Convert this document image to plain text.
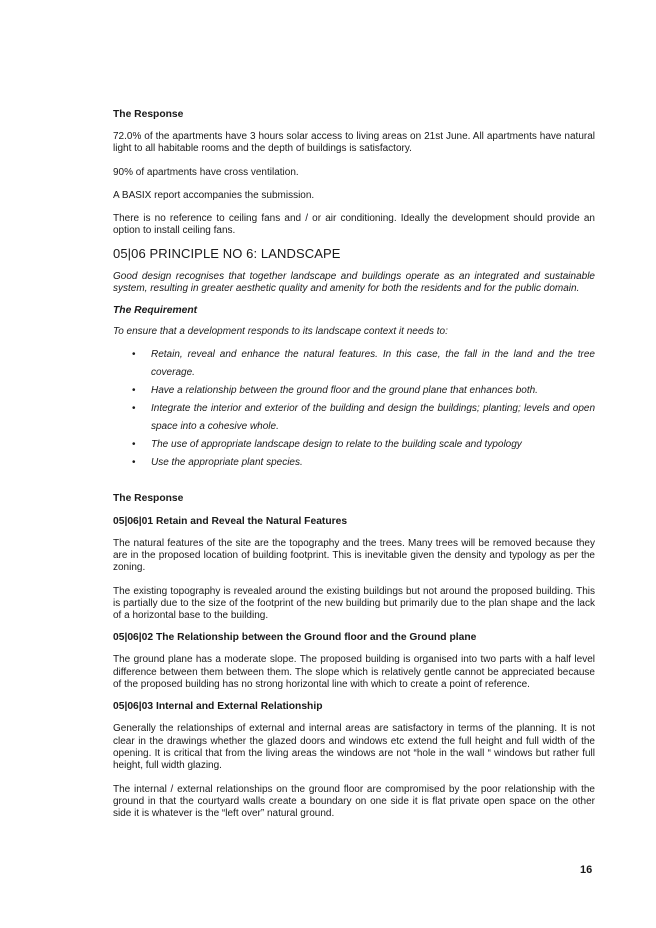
The Response

72.0% of the apartments have 3 hours solar access to living areas on 21st June. All apartments have natural light to all habitable rooms and the depth of buildings is satisfactory.

90% of apartments have cross ventilation.

A BASIX report accompanies the submission.

There is no reference to ceiling fans and / or air conditioning. Ideally the development should provide an option to install ceiling fans.

05|06 PRINCIPLE NO 6: LANDSCAPE

Good design recognises that together landscape and buildings operate as an integrated and sustainable system, resulting in greater aesthetic quality and amenity for both the residents and for the public domain.

The Requirement

To ensure that a development responds to its landscape context it needs to:

• Retain, reveal and enhance the natural features. In this case, the fall in the land and the tree coverage.
• Have a relationship between the ground floor and the ground plane that enhances both.
• Integrate the interior and exterior of the building and design the buildings; planting; levels and open space into a cohesive whole.
• The use of appropriate landscape design to relate to the building scale and typology
• Use the appropriate plant species.
The Response
05|06|01 Retain and Reveal the Natural Features

The natural features of the site are the topography and the trees. Many trees will be removed because they are in the proposed location of building footprint. This is inevitable given the density and typology as per the zoning.

The existing topography is revealed around the existing buildings but not around the proposed building. This is partially due to the size of the footprint of the new building but primarily due to the plan shape and the lack of a horizontal base to the building.

05|06|02 The Relationship between the Ground floor and the Ground plane

The ground plane has a moderate slope. The proposed building is organised into two parts with a half level difference between them between them. The slope which is relatively gentle cannot be appreciated because of the proposed building has no strong horizontal line with which to create a point of reference.

05|06|03 Internal and External Relationship

Generally the relationships of external and internal areas are satisfactory in terms of the planning. It is not clear in the drawings whether the glazed doors and windows etc extend the full height and full width of the opening. It is critical that from the living areas the windows are not “hole in the wall “ windows but rather full height, full width glazing.

The internal / external relationships on the ground floor are compromised by the poor relationship with the ground in that the courtyard walls create a boundary on one side it is flat private open space on the other side it is whatever is the “left over” natural ground.

16
